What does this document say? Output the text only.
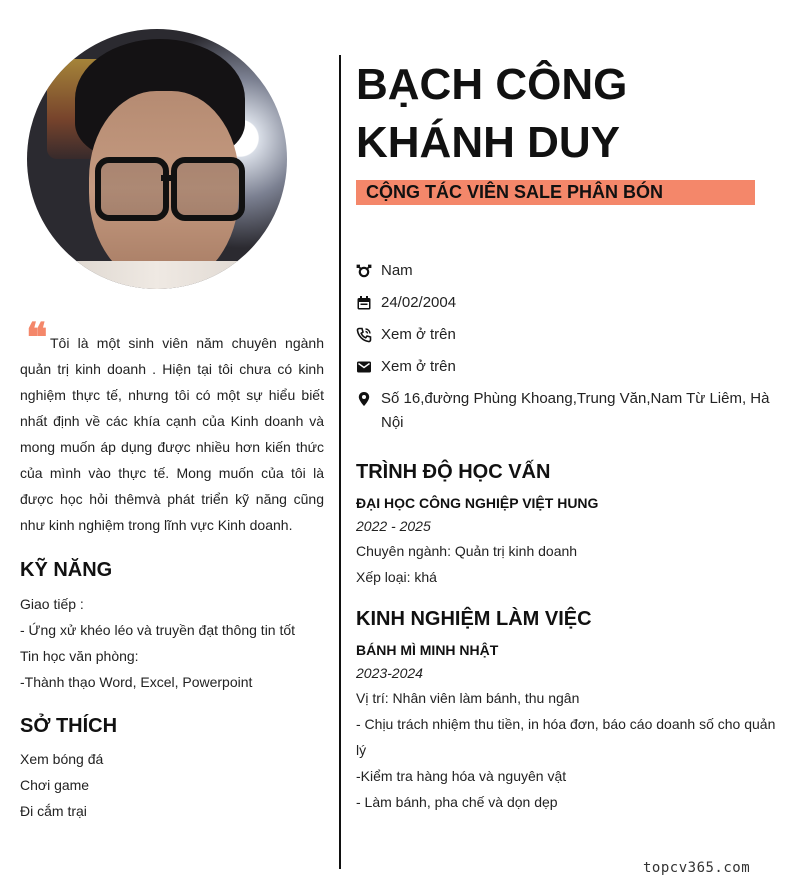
❝ Tôi là một sinh viên năm chuyên ngành quản trị kinh doanh . Hiện tại tôi chưa có kinh nghiệm thực tế, nhưng tôi có một sự hiểu biết nhất định về các khía cạnh của Kinh doanh và mong muốn áp dụng được nhiều hơn kiến thức của mình vào thực tế. Mong muốn của tôi là được học hỏi thêmvà phát triển kỹ năng cũng như kinh nghiệm trong lĩnh vực Kinh doanh.
KỸ NĂNG
Giao tiếp :
- Ứng xử khéo léo và truyền đạt thông tin tốt
Tin học văn phòng:
-Thành thạo Word, Excel, Powerpoint
SỞ THÍCH
Xem bóng đá
Chơi game
Đi cắm trại
BẠCH CÔNG
KHÁNH DUY
CỘNG TÁC VIÊN SALE PHÂN BÓN
Nam
24/02/2004
Xem ở trên
Xem ở trên
Số 16,đường Phùng Khoang,Trung Văn,Nam Từ Liêm, Hà Nội
TRÌNH ĐỘ HỌC VẤN
ĐẠI HỌC CÔNG NGHIỆP VIỆT HUNG
2022 - 2025
Chuyên ngành: Quản trị kinh doanh
Xếp loại: khá
KINH NGHIỆM LÀM VIỆC
BÁNH MÌ MINH NHẬT
2023-2024
Vị trí: Nhân viên làm bánh, thu ngân
- Chịu trách nhiệm thu tiền, in hóa đơn, báo cáo doanh số cho quản lý
-Kiểm tra hàng hóa và nguyên vật
- Làm bánh, pha chế và dọn dẹp
topcv365.com
